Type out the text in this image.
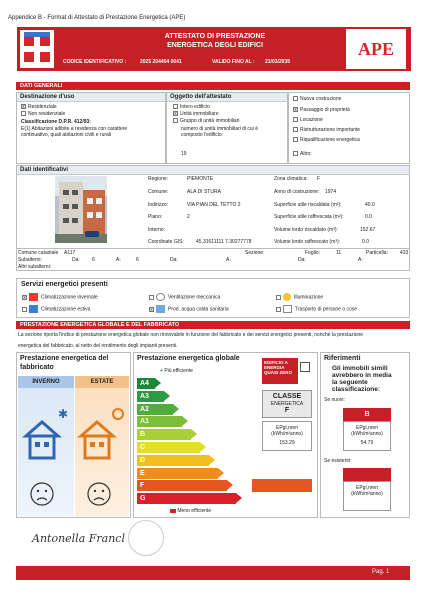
Appendice B - Format di Attestato di Prestazione Energetica (APE)
ATTESTATO DI PRESTAZIONE
ENERGETICA DEGLI EDIFICI
CODICE IDENTIFICATIVO :	2025 204454 0041	VALIDO FINO AL : 21/03/2035
APE
DATI GENERALI
Destinazione d'uso
x Residenziale
Non residenziale
Classificazione D.P.R. 412/93:
E(1) Abitazioni adibite a residenza con carattere
continuativo, quali abitazioni civili e rurali
Oggetto dell'attestato
Intero edificio
x Unità immobiliare
Gruppo di unità immobiliari
numero di unità immobiliari di cui è
composto l'edificio:
19
Nuova costruzione
x Passaggio di proprietà
Locazione
Ristrutturazione importante
Riqualificazione energetica
Altro:
Dati identificativi
Regione:	PIEMONTE
Comune:	ALA DI STURA
Indirizzo:	VIA PIAN DEL TETTO 2
Piano:	2
Interno:
Coordinate GIS: 45.31611111 7.30277778
Zona climatica: F
Anno di costruzione: 1974
Superficie utile riscaldata (m²):	40.0
Superficie utile raffrescata (m²):	0.0
Volume lordo riscaldato (m³):	152.67
Volume lordo raffrescato (m³):	0.0
Comune catastale A117	Sezione:	Foglio:	11	Particella: 433
Subalterni:	Da: 6	A:	6	Da:	A:	Da:	A:
Altri subalterni:
Servizi energetici presenti
x	Climatizzazione invernale
Climatizzazione estiva
Ventilazione meccanica
x	Prod. acqua calda sanitaria
Illuminazione
Trasporto di persone o cose
PRESTAZIONE ENERGETICA GLOBALE E DEL FABBRICATO
La sezione riporta l'indice di prestazione energetica globale non rinnovabile in funzione del fabbricato e dei servizi energetici presenti, nonché la prestazione
energetica del fabbricato, al netto del rendimento degli impianti presenti.
Prestazione energetica del
fabbricato
INVERNO	ESTATE
✱
Prestazione energetica globale
+ Più efficiente
A4
A3
A2
A1
B
C
D
E
F
G
Meno efficiente
EDIFICIO A ENERGIA QUASI ZERO
CLASSE
ENERGETICA
F
EPgl,nren
(kWh/m²anno)
153.29
Riferimenti
Gli immobili simili
avrebbero in media
la seguente
classificazione:
Se nuovi:
B
EPgl,nren
(kWh/m²anno)
54.79
Se esistenti:
EPgl,nren
(kWh/m²anno)
Antonella Francl
Pag. 1
